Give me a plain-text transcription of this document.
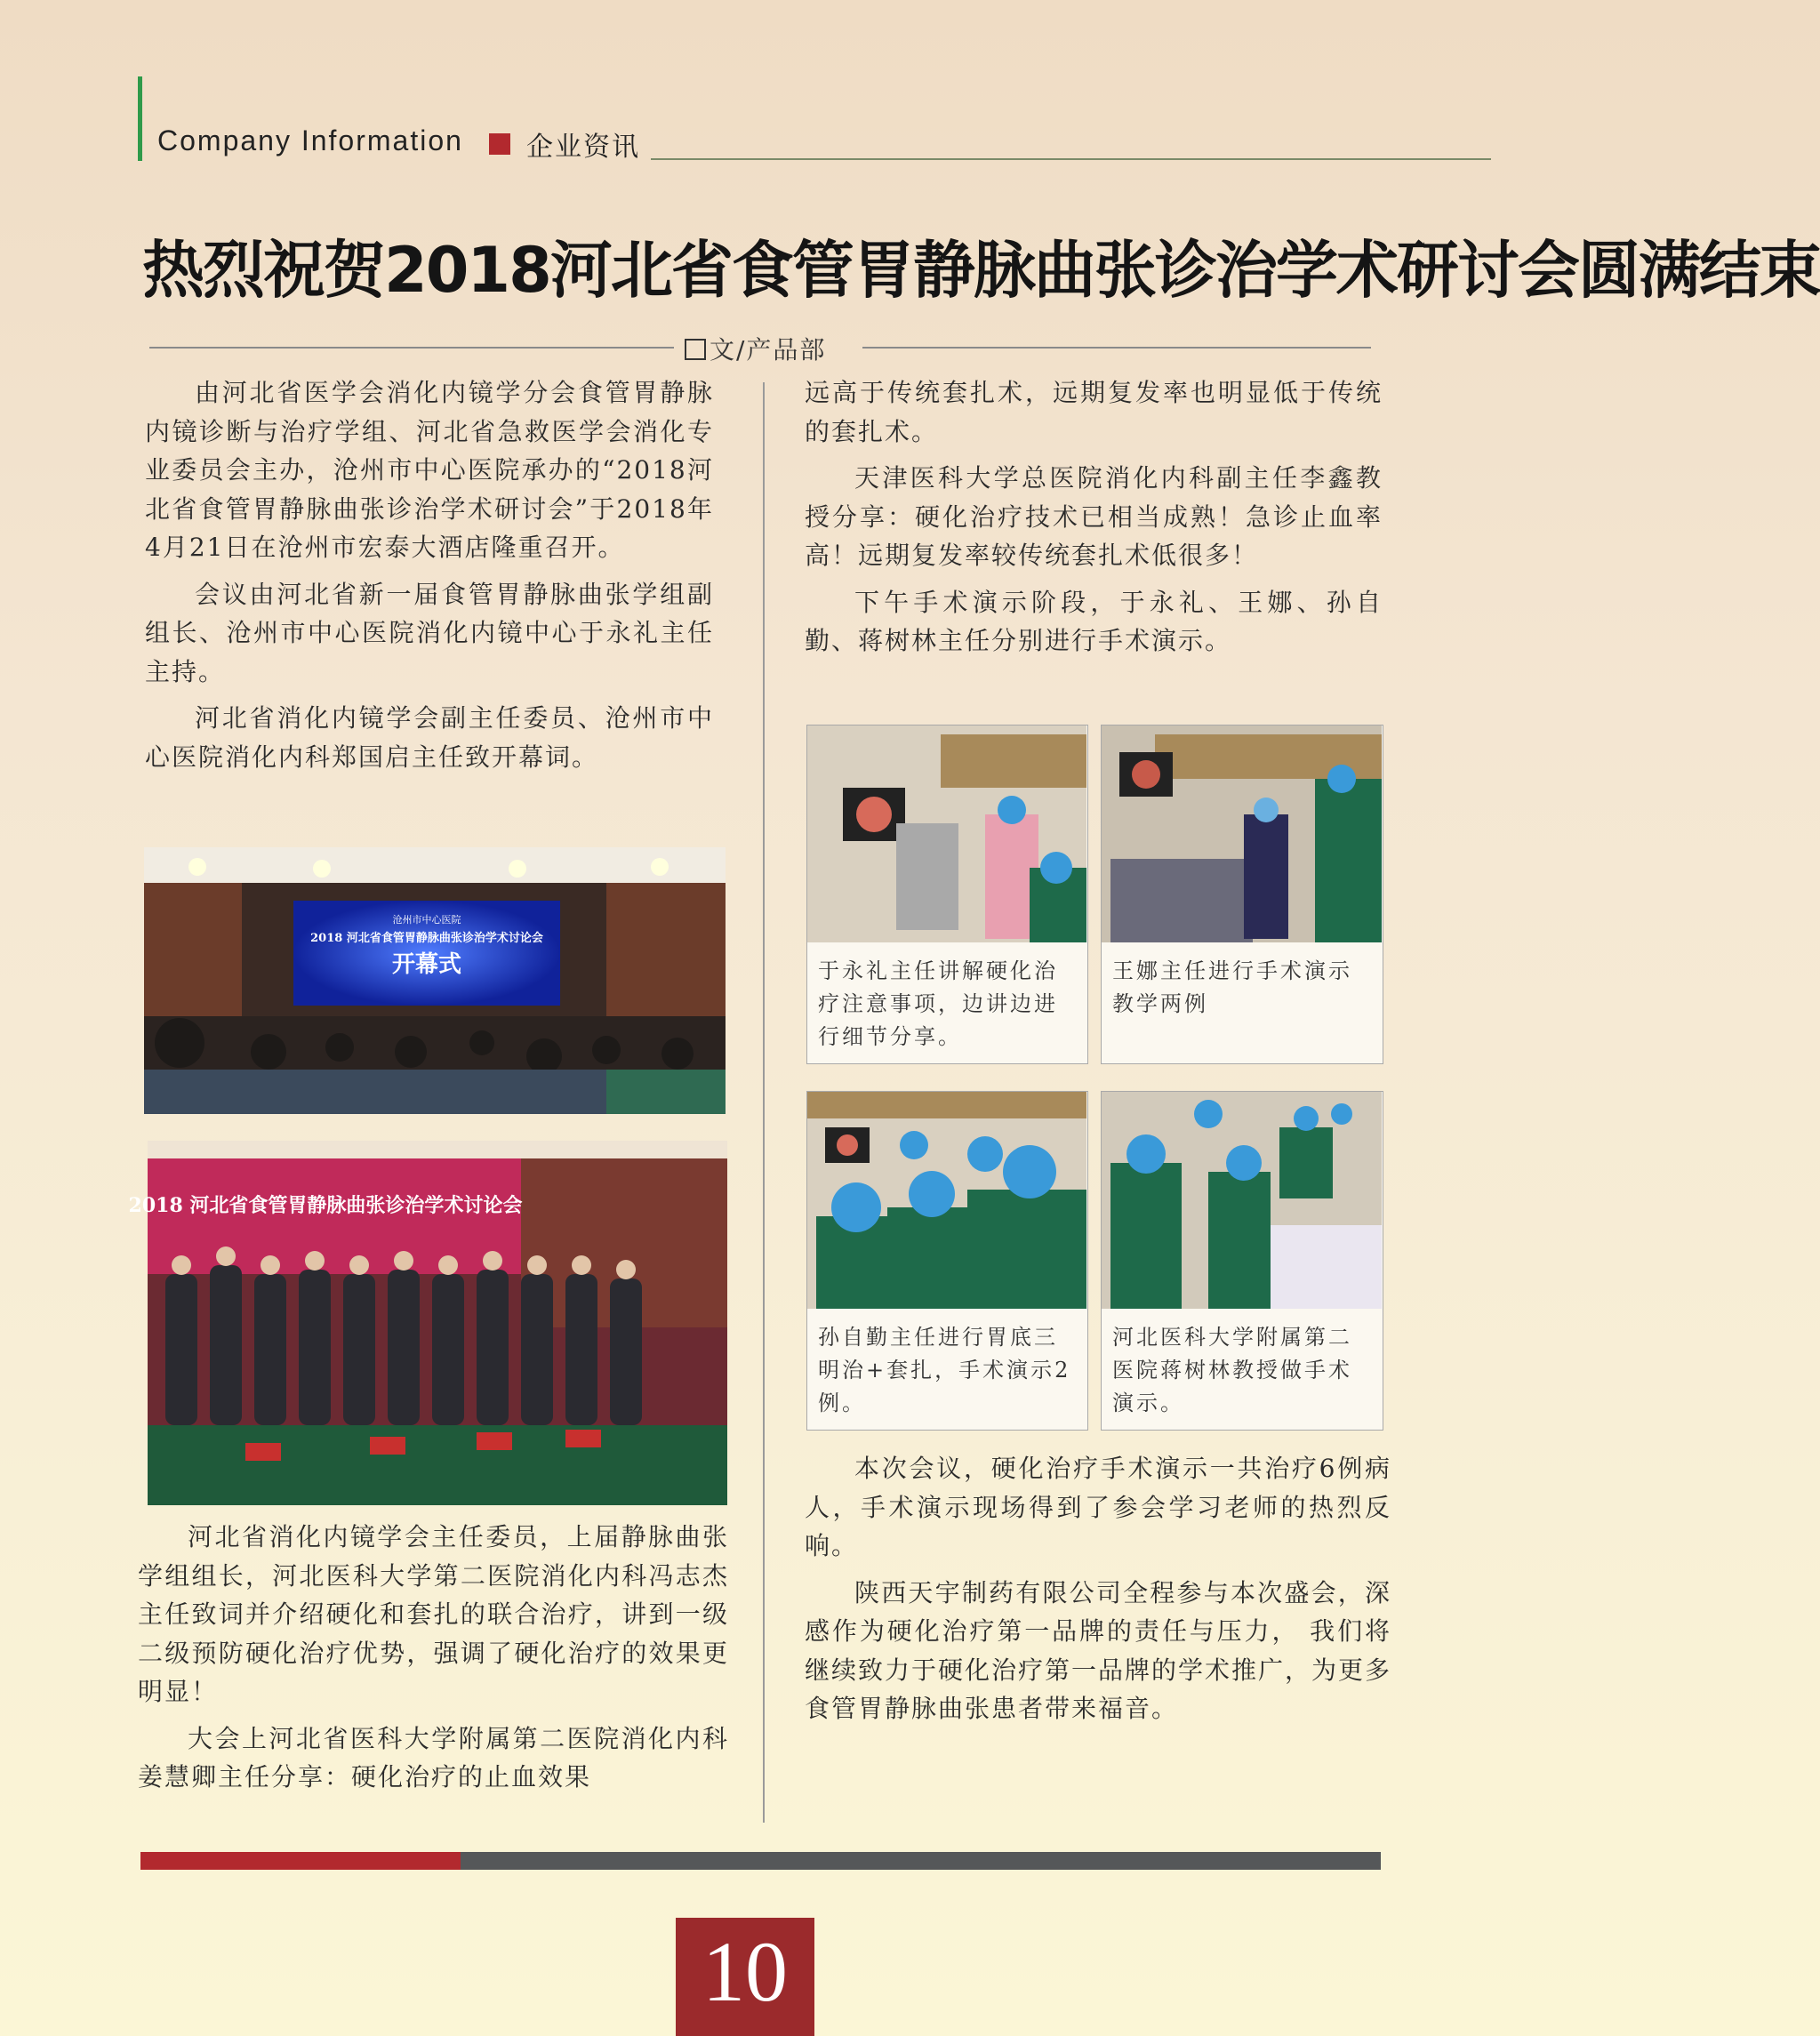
Company Information 企业资讯
热烈祝贺2018河北省食管胃静脉曲张诊治学术研讨会圆满结束
文/产品部

由河北省医学会消化内镜学分会食管胃静脉内镜诊断与治疗学组、河北省急救医学会消化专业委员会主办，沧州市中心医院承办的“2018河北省食管胃静脉曲张诊治学术研讨会”于2018年4月21日在沧州市宏泰大酒店隆重召开。

会议由河北省新一届食管胃静脉曲张学组副组长、沧州市中心医院消化内镜中心于永礼主任主持。

河北省消化内镜学会副主任委员、沧州市中心医院消化内科郑国启主任致开幕词。

沧州市中心医院
2018 河北省食管胃静脉曲张诊治学术讨论会
开幕式
2018 河北省食管胃静脉曲张诊治学术讨论会

河北省消化内镜学会主任委员，上届静脉曲张学组组长，河北医科大学第二医院消化内科冯志杰主任致词并介绍硬化和套扎的联合治疗，讲到一级二级预防硬化治疗优势，强调了硬化治疗的效果更明显！

大会上河北省医科大学附属第二医院消化内科姜慧卿主任分享：硬化治疗的止血效果

远高于传统套扎术，远期复发率也明显低于传统的套扎术。

天津医科大学总医院消化内科副主任李鑫教授分享：硬化治疗技术已相当成熟！急诊止血率高！远期复发率较传统套扎术低很多！

下午手术演示阶段，于永礼、王娜、孙自勤、蒋树林主任分别进行手术演示。

于永礼主任讲解硬化治疗注意事项，边讲边进行细节分享。
王娜主任进行手术演示教学两例
孙自勤主任进行胃底三明治+套扎，手术演示2例。
河北医科大学附属第二医院蒋树林教授做手术演示。

本次会议，硬化治疗手术演示一共治疗6例病人，手术演示现场得到了参会学习老师的热烈反响。

陕西天宇制药有限公司全程参与本次盛会，深感作为硬化治疗第一品牌的责任与压力， 我们将继续致力于硬化治疗第一品牌的学术推广，为更多食管胃静脉曲张患者带来福音。

10
